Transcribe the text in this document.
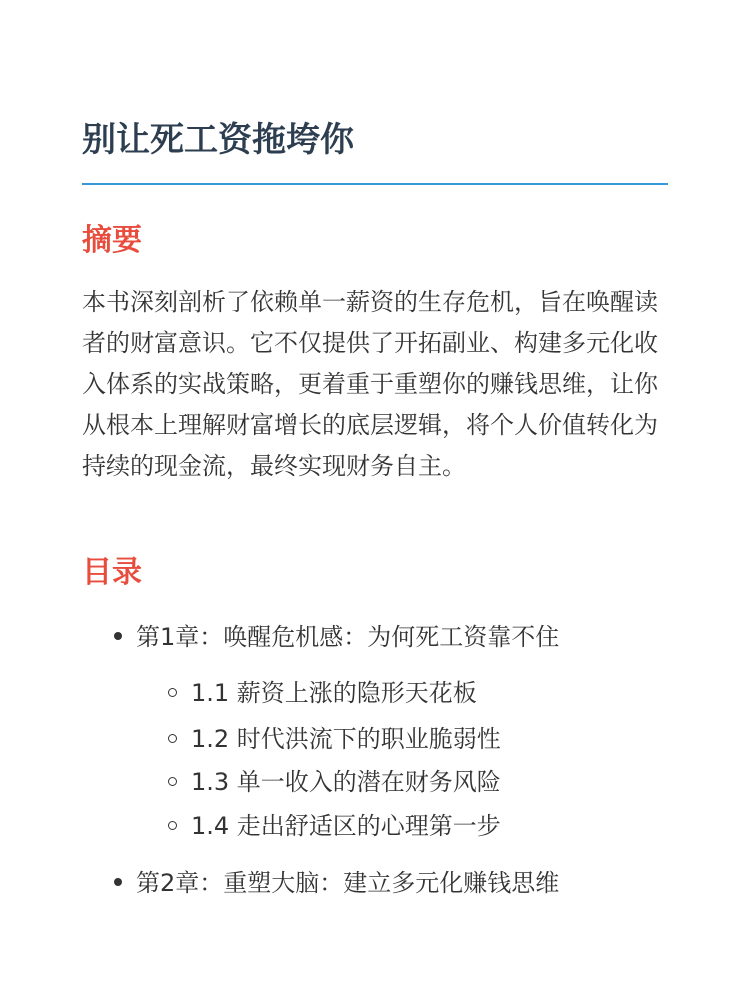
别让死工资拖垮你
摘要

本书深刻剖析了依赖单一薪资的生存危机，旨在唤醒读者的财富意识。它不仅提供了开拓副业、构建多元化收入体系的实战策略，更着重于重塑你的赚钱思维，让你从根本上理解财富增长的底层逻辑，将个人价值转化为持续的现金流，最终实现财务自主。

目录
第1章：唤醒危机感：为何死工资靠不住
1.1 薪资上涨的隐形天花板
1.2 时代洪流下的职业脆弱性
1.3 单一收入的潜在财务风险
1.4 走出舒适区的心理第一步
第2章：重塑大脑：建立多元化赚钱思维
